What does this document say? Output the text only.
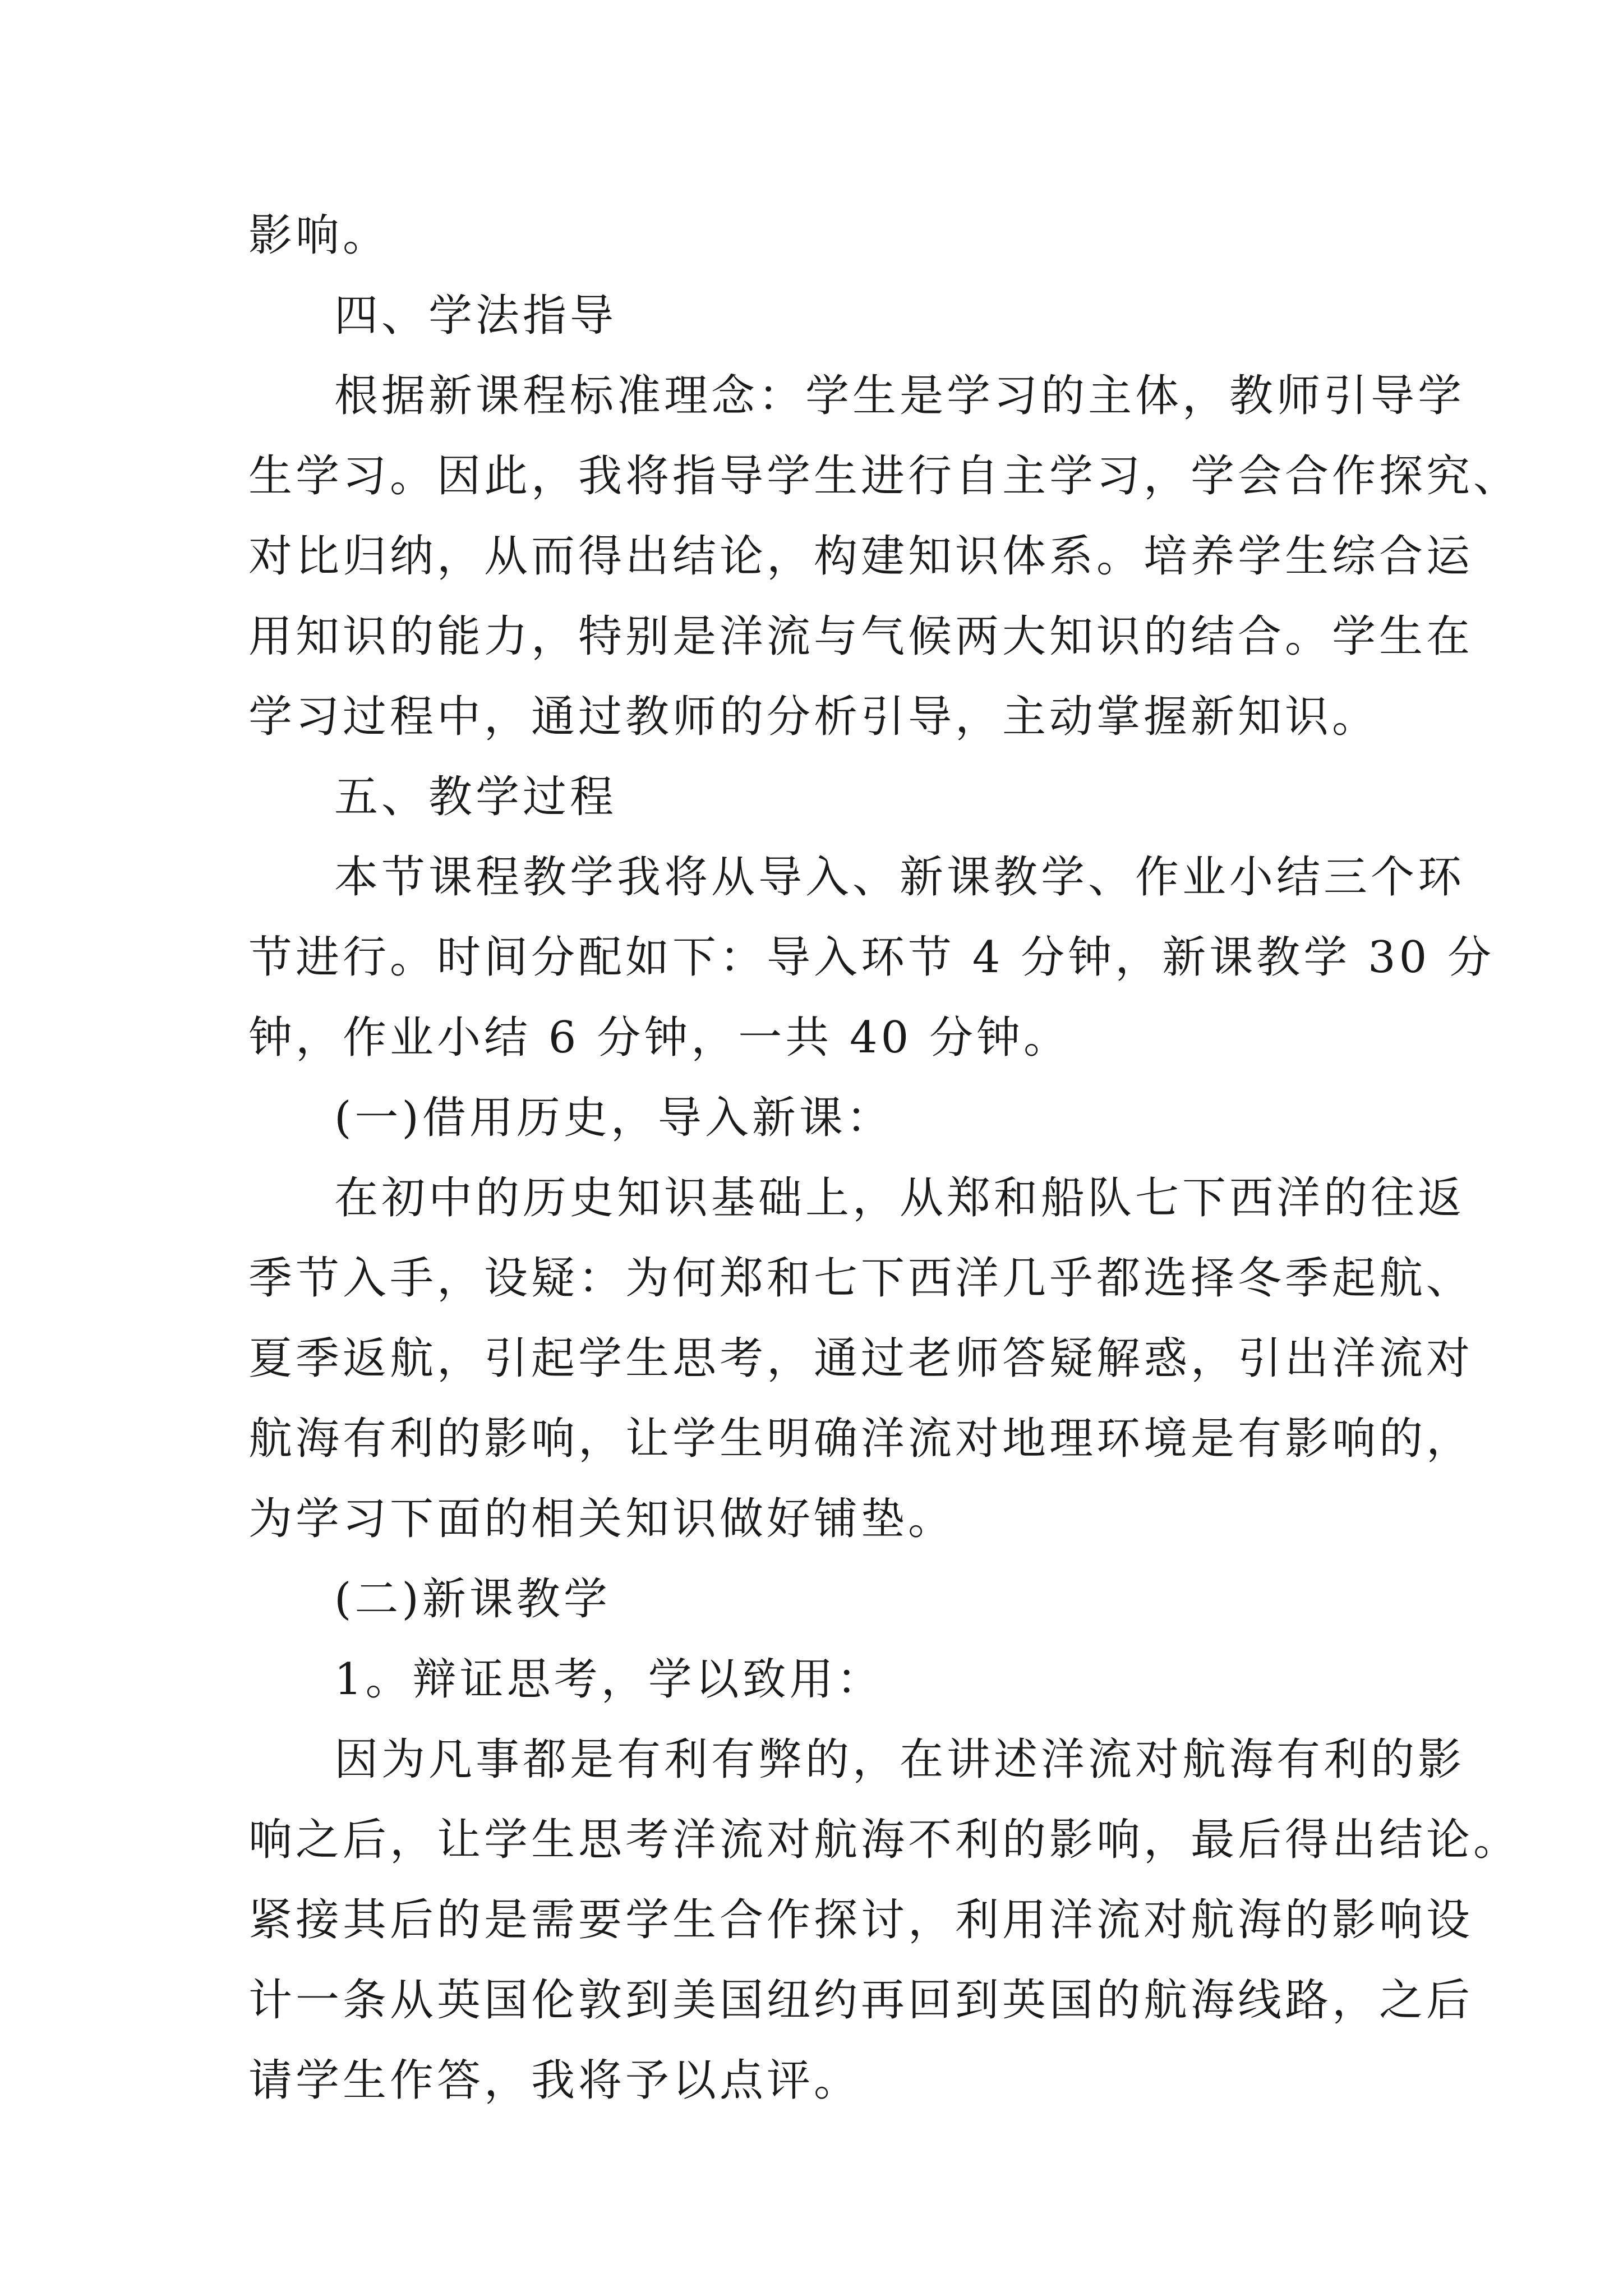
影响。
四、学法指导
根据新课程标准理念：学生是学习的主体，教师引导学
生学习。因此，我将指导学生进行自主学习，学会合作探究、
对比归纳，从而得出结论，构建知识体系。培养学生综合运
用知识的能力，特别是洋流与气候两大知识的结合。学生在
学习过程中，通过教师的分析引导，主动掌握新知识。
五、教学过程
本节课程教学我将从导入、新课教学、作业小结三个环
节进行。时间分配如下：导入环节 4 分钟，新课教学 30 分
钟，作业小结 6 分钟，一共 40 分钟。
(一)借用历史，导入新课：
在初中的历史知识基础上，从郑和船队七下西洋的往返
季节入手，设疑：为何郑和七下西洋几乎都选择冬季起航、
夏季返航，引起学生思考，通过老师答疑解惑，引出洋流对
航海有利的影响，让学生明确洋流对地理环境是有影响的，
为学习下面的相关知识做好铺垫。
(二)新课教学
1。辩证思考，学以致用：
因为凡事都是有利有弊的，在讲述洋流对航海有利的影
响之后，让学生思考洋流对航海不利的影响，最后得出结论。
紧接其后的是需要学生合作探讨，利用洋流对航海的影响设
计一条从英国伦敦到美国纽约再回到英国的航海线路，之后
请学生作答，我将予以点评。
